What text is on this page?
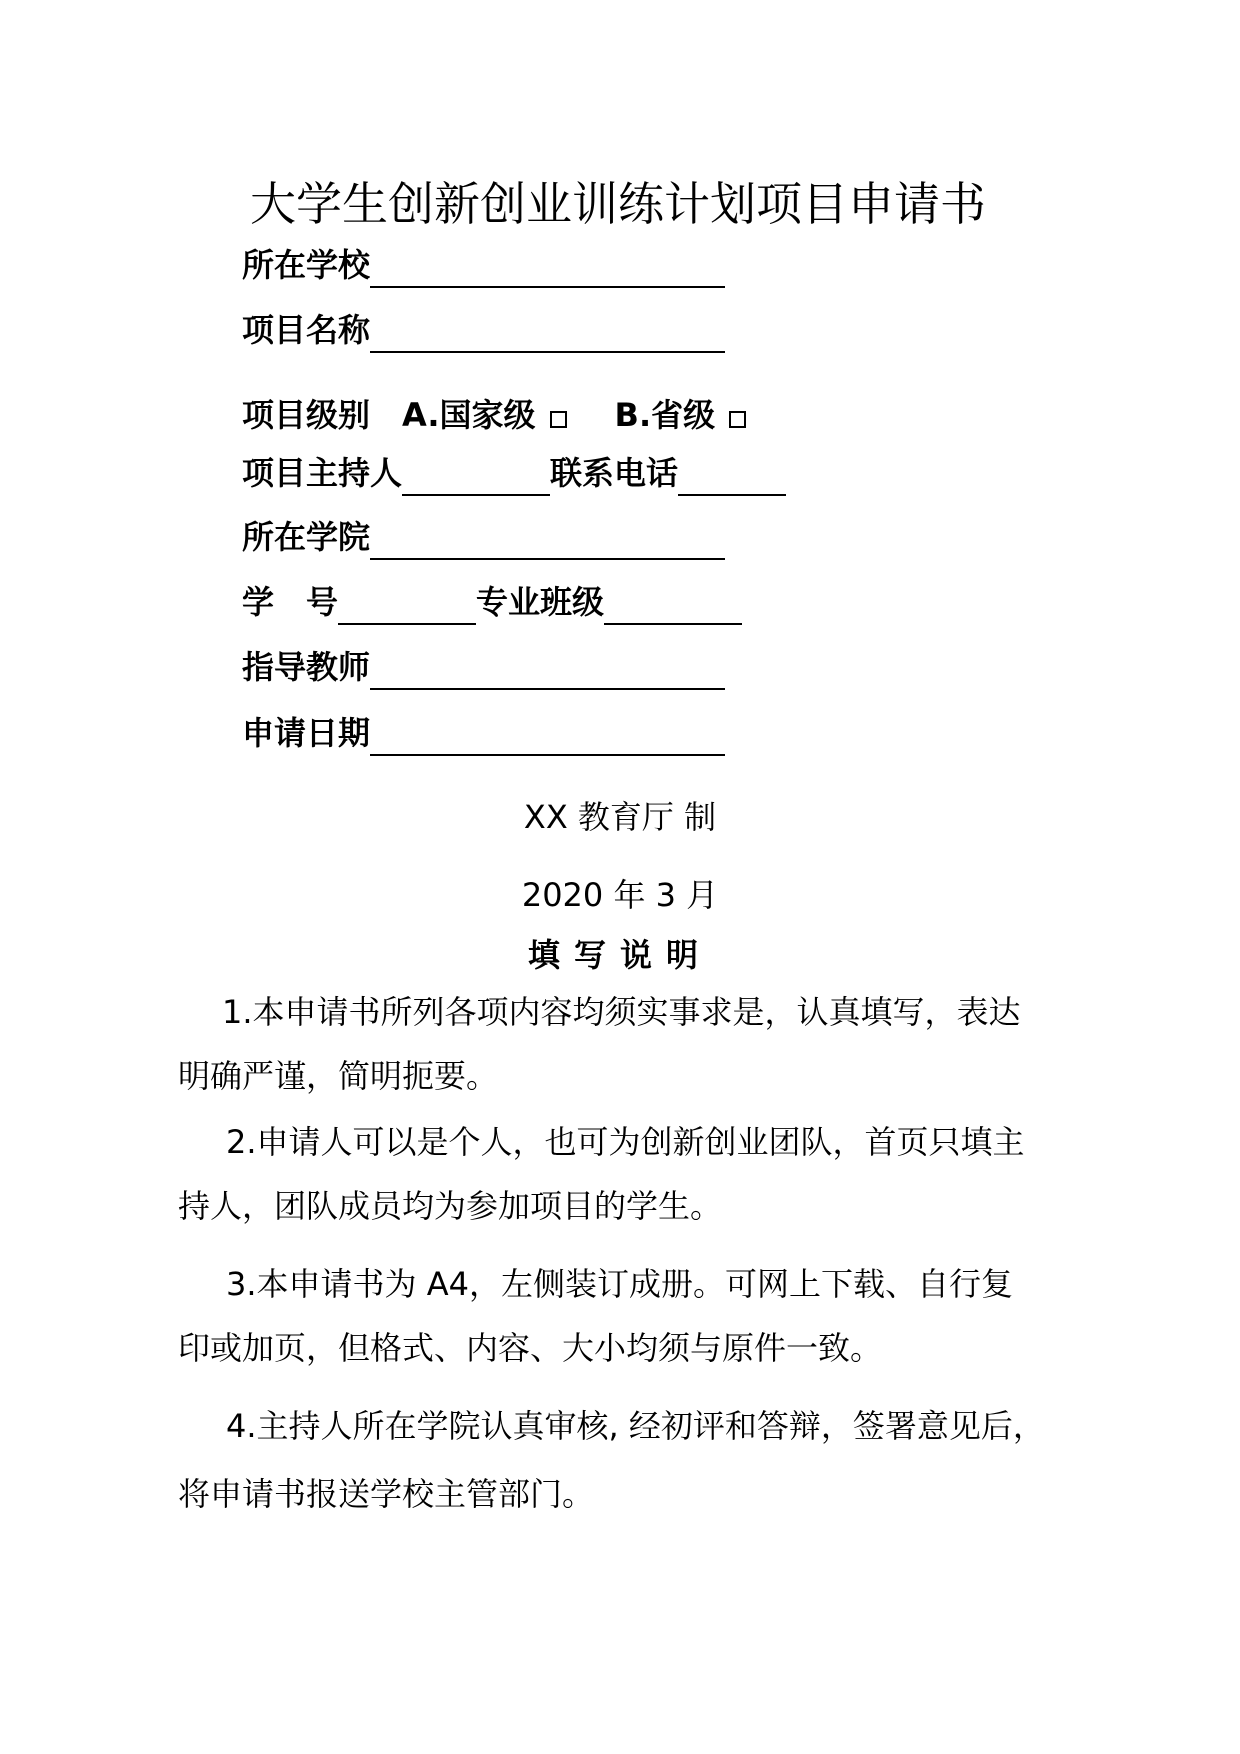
大学生创新创业训练计划项目申请书
所在学校
项目名称
项目级别 A.国家级 B.省级
项目主持人	联系电话
所在学院
学　号	专业班级
指导教师
申请日期
XX 教育厅 制
2020 年 3 月
填写说明
1.本申请书所列各项内容均须实事求是，认真填写，表达
明确严谨，简明扼要。
2.申请人可以是个人，也可为创新创业团队，首页只填主
持人，团队成员均为参加项目的学生。
3.本申请书为 A4，左侧装订成册。可网上下载、自行复
印或加页，但格式、内容、大小均须与原件一致。
4.主持人所在学院认真审核, 经初评和答辩，签署意见后，
将申请书报送学校主管部门。
